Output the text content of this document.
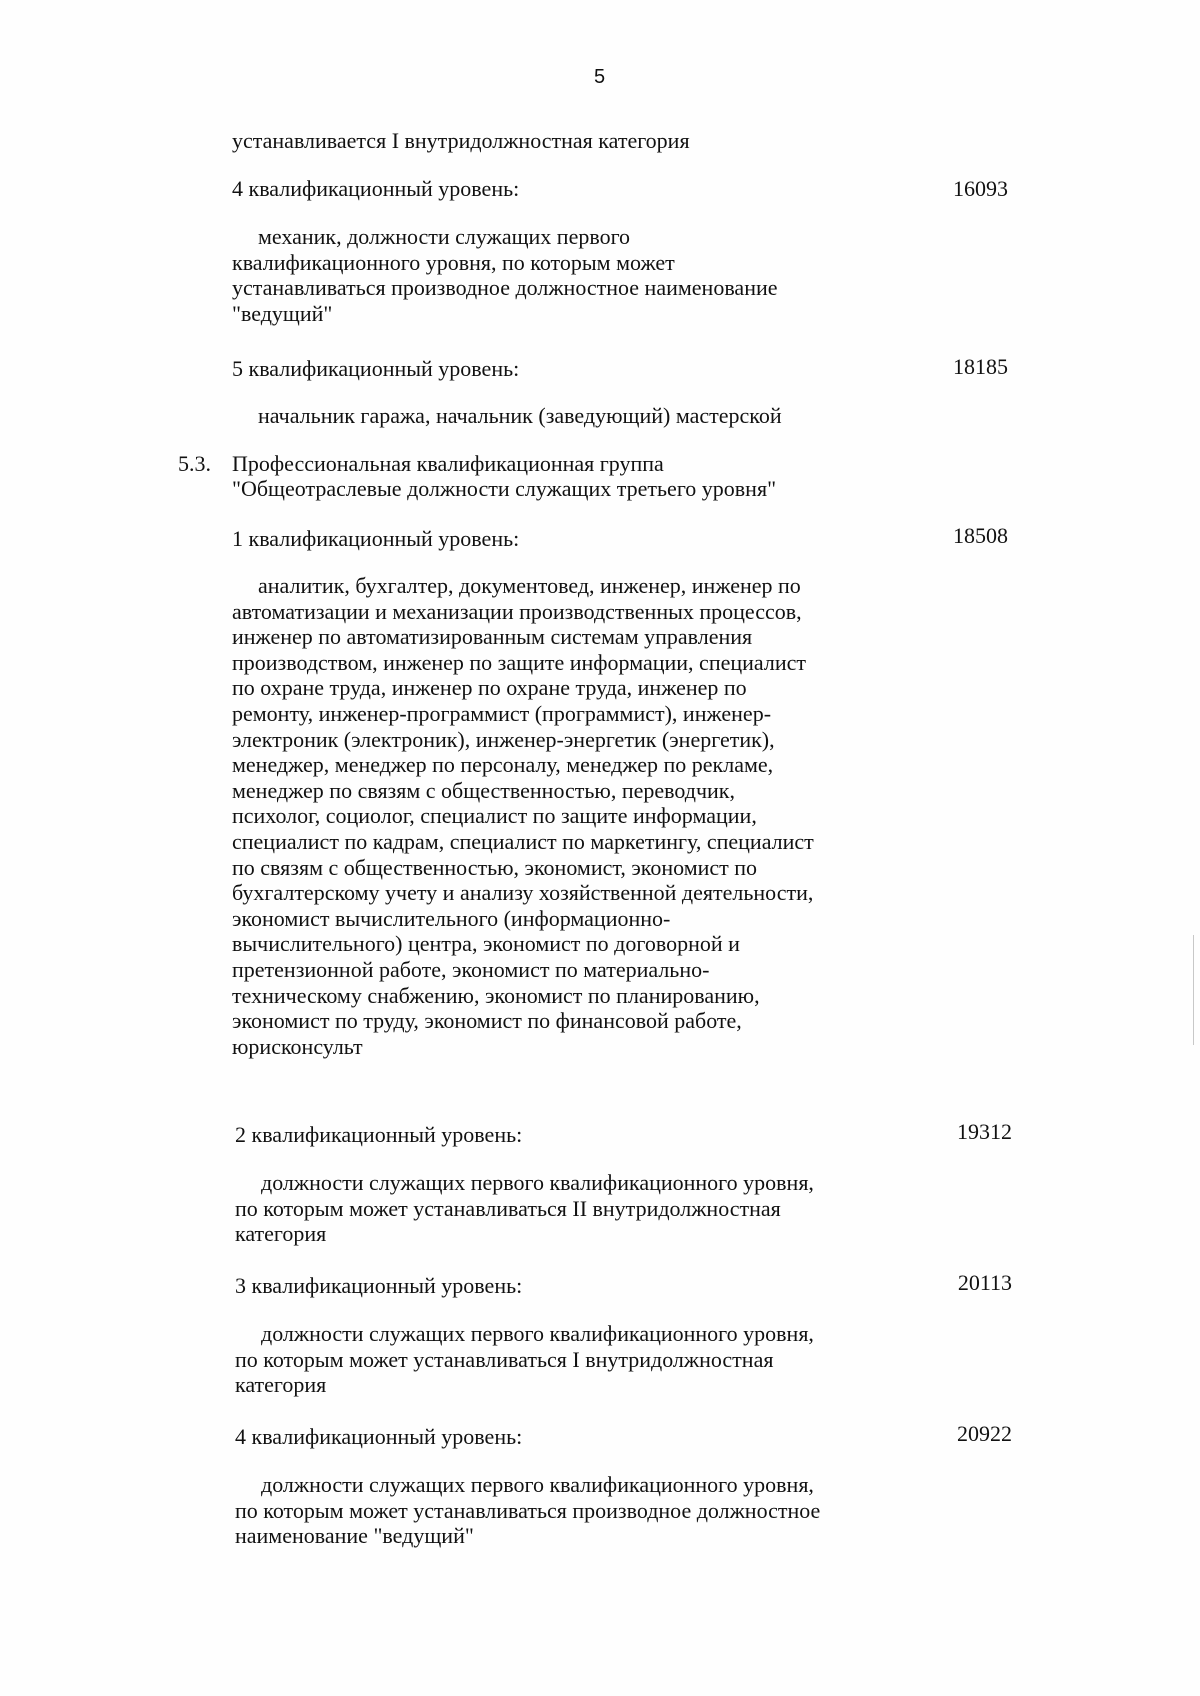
5
устанавливается I внутридолжностная категория
4 квалификационный уровень:	16093
механик, должности служащих первого
квалификационного уровня, по которым может
устанавливаться производное должностное наименование
"ведущий"
5 квалификационный уровень:	18185
начальник гаража, начальник (заведующий) мастерской
5.3. Профессиональная квалификационная группа
"Общеотраслевые должности служащих третьего уровня"
1 квалификационный уровень:	18508
аналитик, бухгалтер, документовед, инженер, инженер по
автоматизации и механизации производственных процессов,
инженер по автоматизированным системам управления
производством, инженер по защите информации, специалист
по охране труда, инженер по охране труда, инженер по
ремонту, инженер-программист (программист), инженер-
электроник (электроник), инженер-энергетик (энергетик),
менеджер, менеджер по персоналу, менеджер по рекламе,
менеджер по связям с общественностью, переводчик,
психолог, социолог, специалист по защите информации,
специалист по кадрам, специалист по маркетингу, специалист
по связям с общественностью, экономист, экономист по
бухгалтерскому учету и анализу хозяйственной деятельности,
экономист вычислительного (информационно-
вычислительного) центра, экономист по договорной и
претензионной работе, экономист по материально-
техническому снабжению, экономист по планированию,
экономист по труду, экономист по финансовой работе,
юрисконсульт
2 квалификационный уровень:	19312
должности служащих первого квалификационного уровня,
по которым может устанавливаться II внутридолжностная
категория
3 квалификационный уровень:	20113
должности служащих первого квалификационного уровня,
по которым может устанавливаться I внутридолжностная
категория
4 квалификационный уровень:	20922
должности служащих первого квалификационного уровня,
по которым может устанавливаться производное должностное
наименование "ведущий"
